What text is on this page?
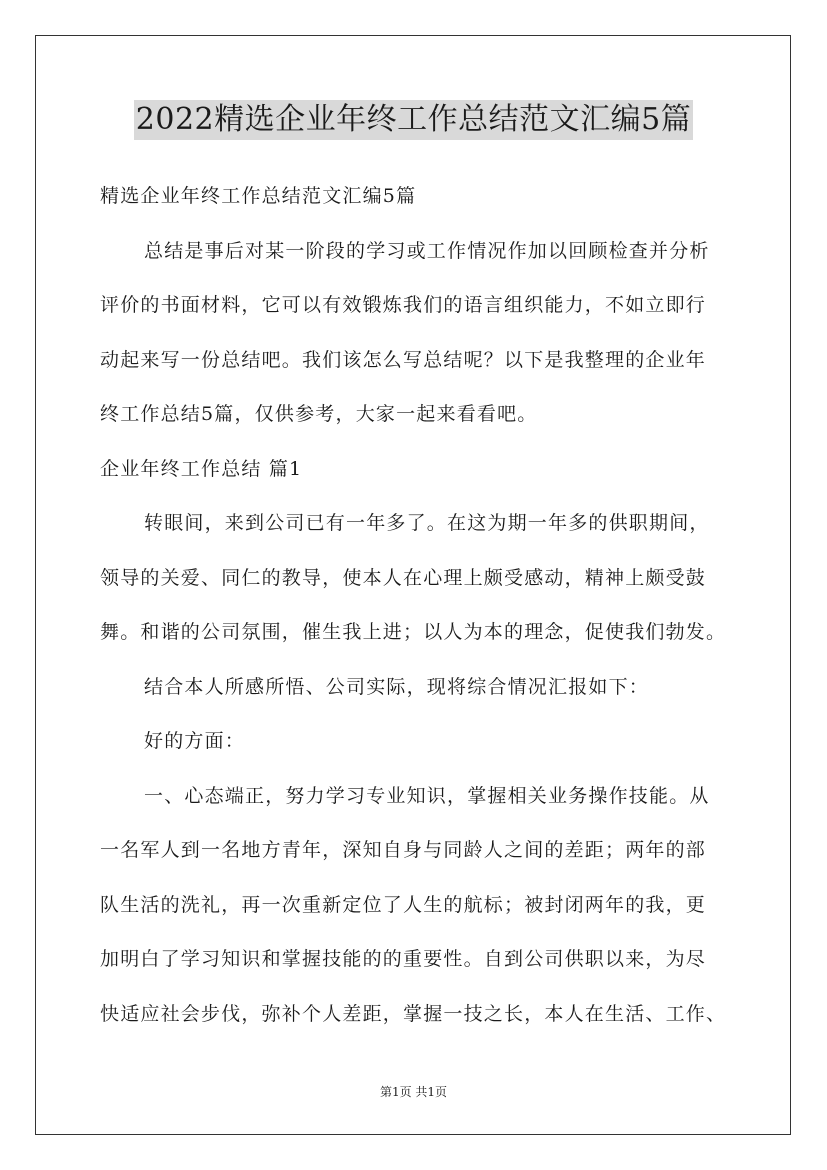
2022精选企业年终工作总结范文汇编5篇
精选企业年终工作总结范文汇编5篇
总结是事后对某一阶段的学习或工作情况作加以回顾检查并分析
评价的书面材料，它可以有效锻炼我们的语言组织能力，不如立即行
动起来写一份总结吧。我们该怎么写总结呢？以下是我整理的企业年
终工作总结5篇，仅供参考，大家一起来看看吧。
企业年终工作总结 篇1
转眼间，来到公司已有一年多了。在这为期一年多的供职期间，
领导的关爱、同仁的教导，使本人在心理上颇受感动，精神上颇受鼓
舞。和谐的公司氛围，催生我上进；以人为本的理念，促使我们勃发。
结合本人所感所悟、公司实际，现将综合情况汇报如下：
好的方面：
一、心态端正，努力学习专业知识，掌握相关业务操作技能。从
一名军人到一名地方青年，深知自身与同龄人之间的差距；两年的部
队生活的洗礼，再一次重新定位了人生的航标；被封闭两年的我，更
加明白了学习知识和掌握技能的的重要性。自到公司供职以来，为尽
快适应社会步伐，弥补个人差距，掌握一技之长，本人在生活、工作、
第1页 共1页
